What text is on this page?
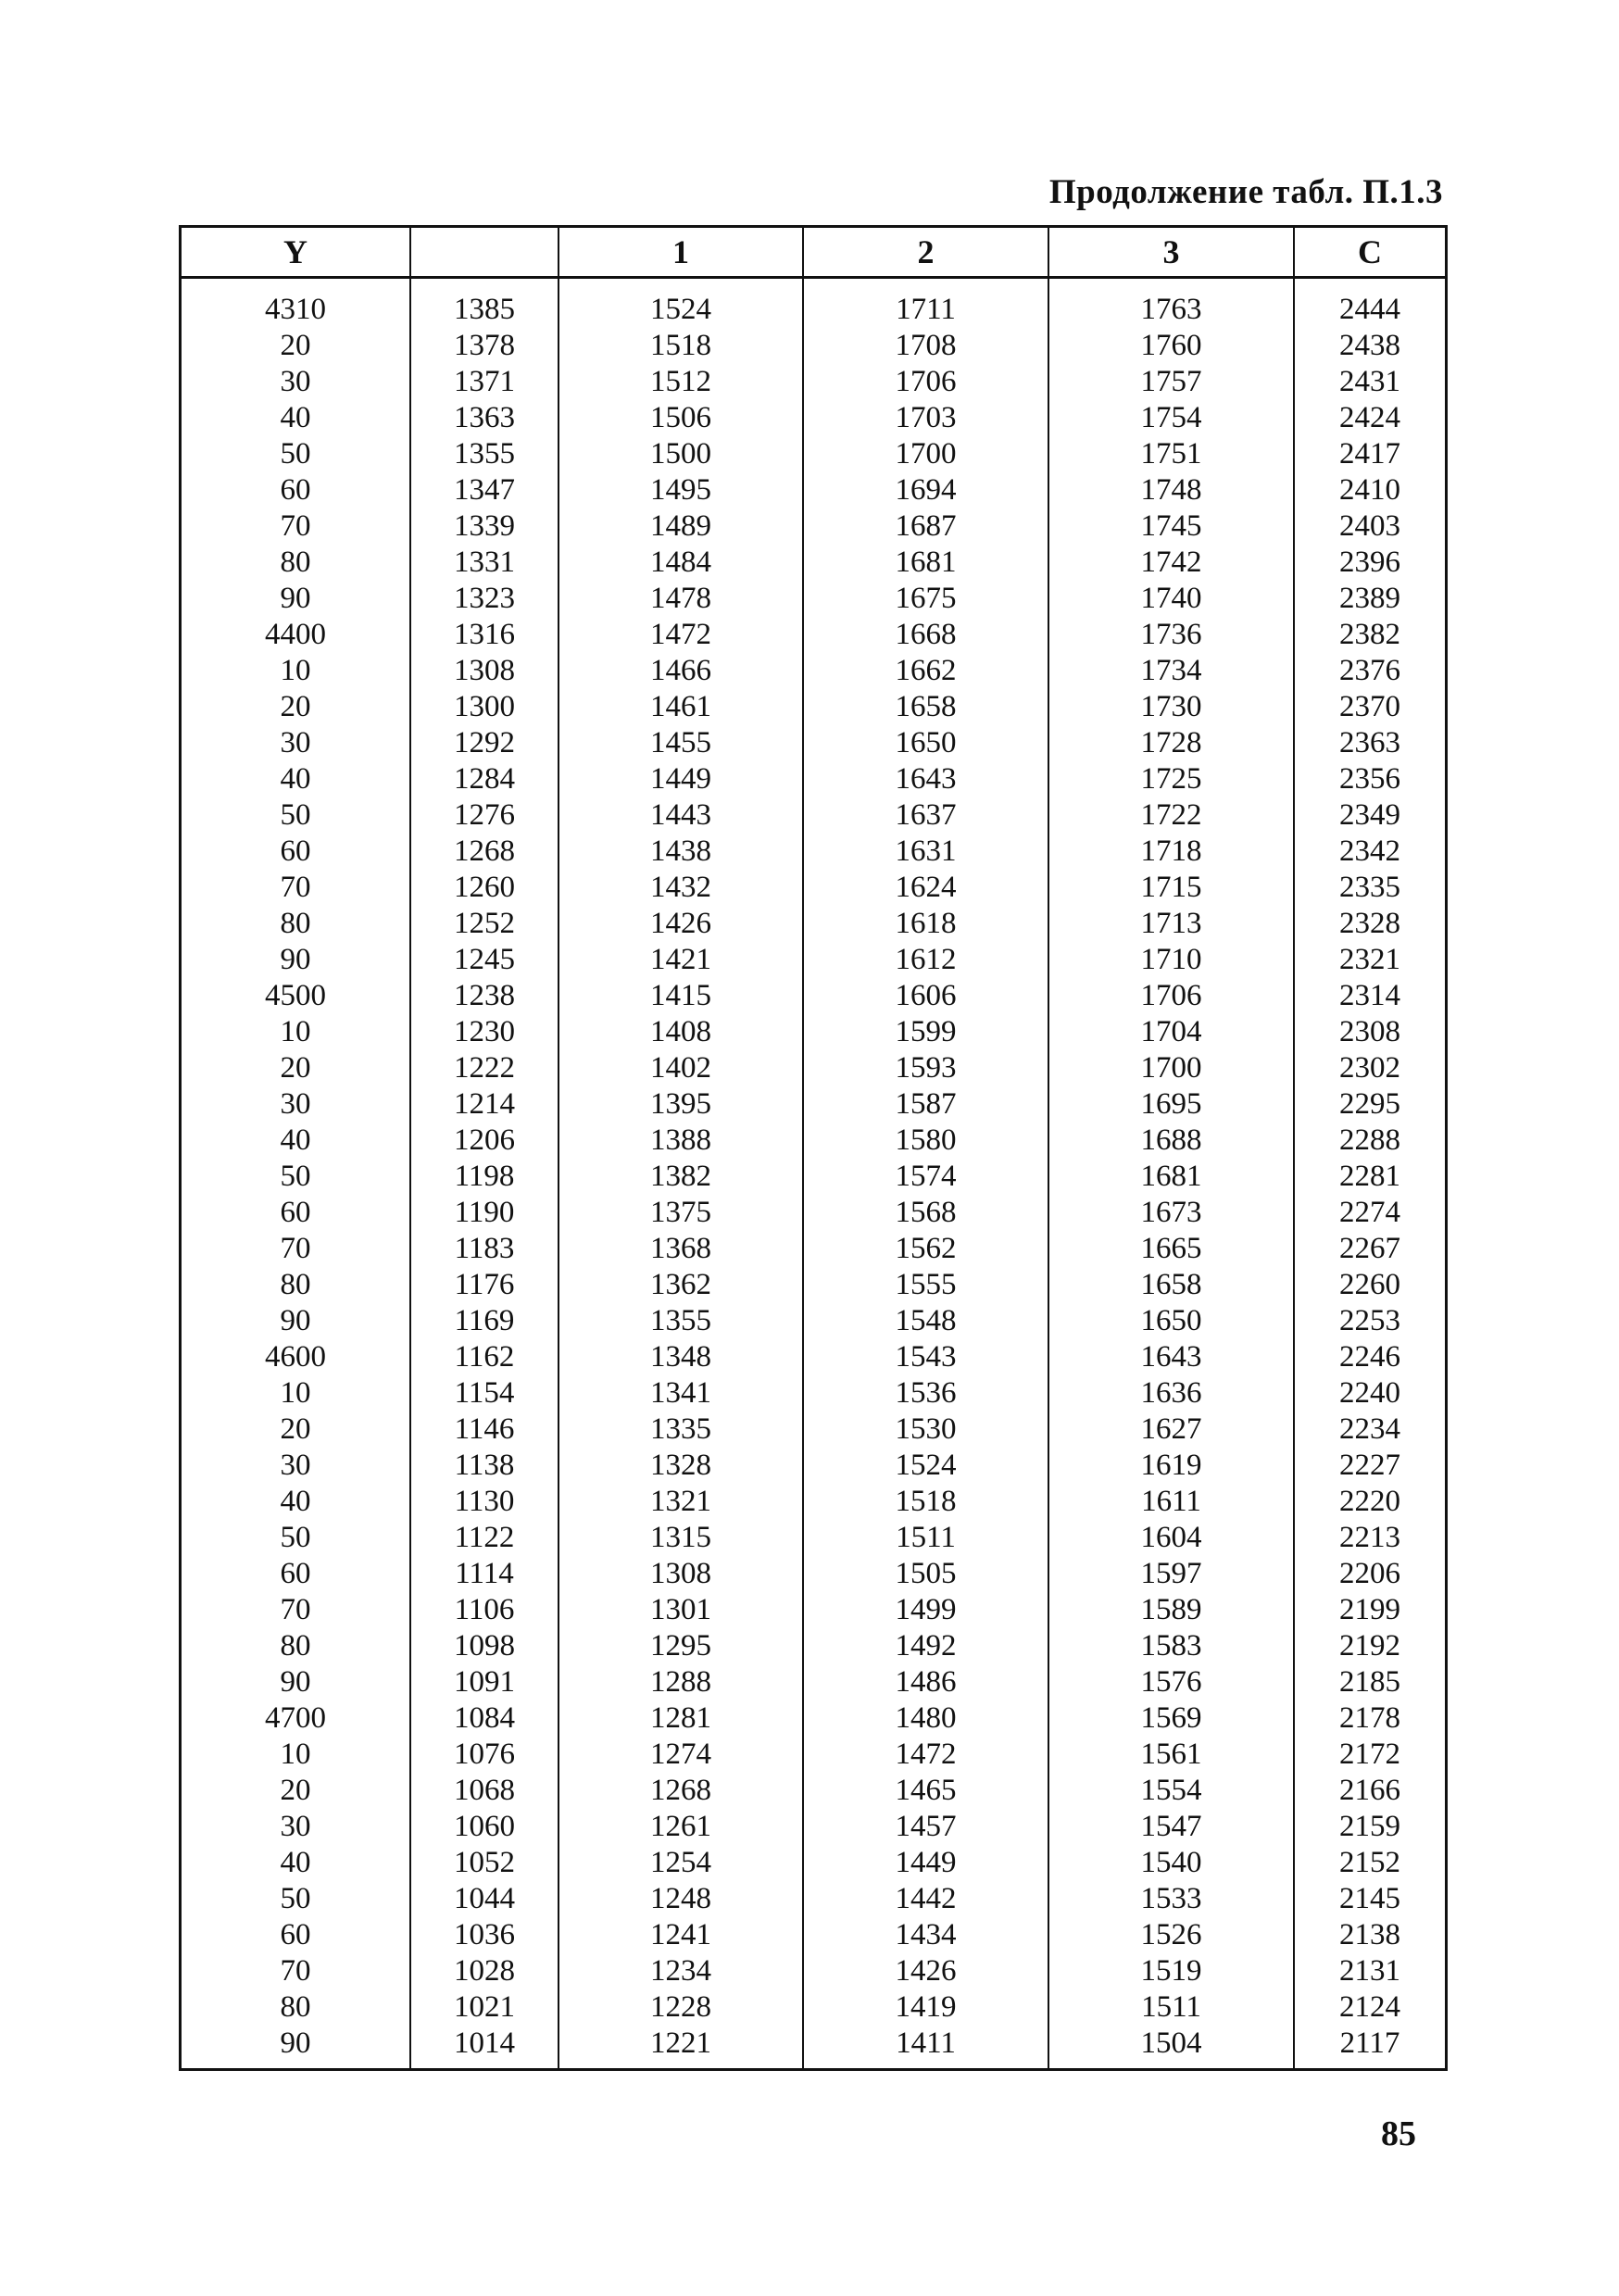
Продолжение табл. П.1.3
Y		1	2	3	C
4310	1385	1524	1711	1763	2444
20	1378	1518	1708	1760	2438
30	1371	1512	1706	1757	2431
40	1363	1506	1703	1754	2424
50	1355	1500	1700	1751	2417
60	1347	1495	1694	1748	2410
70	1339	1489	1687	1745	2403
80	1331	1484	1681	1742	2396
90	1323	1478	1675	1740	2389
4400	1316	1472	1668	1736	2382
10	1308	1466	1662	1734	2376
20	1300	1461	1658	1730	2370
30	1292	1455	1650	1728	2363
40	1284	1449	1643	1725	2356
50	1276	1443	1637	1722	2349
60	1268	1438	1631	1718	2342
70	1260	1432	1624	1715	2335
80	1252	1426	1618	1713	2328
90	1245	1421	1612	1710	2321
4500	1238	1415	1606	1706	2314
10	1230	1408	1599	1704	2308
20	1222	1402	1593	1700	2302
30	1214	1395	1587	1695	2295
40	1206	1388	1580	1688	2288
50	1198	1382	1574	1681	2281
60	1190	1375	1568	1673	2274
70	1183	1368	1562	1665	2267
80	1176	1362	1555	1658	2260
90	1169	1355	1548	1650	2253
4600	1162	1348	1543	1643	2246
10	1154	1341	1536	1636	2240
20	1146	1335	1530	1627	2234
30	1138	1328	1524	1619	2227
40	1130	1321	1518	1611	2220
50	1122	1315	1511	1604	2213
60	1114	1308	1505	1597	2206
70	1106	1301	1499	1589	2199
80	1098	1295	1492	1583	2192
90	1091	1288	1486	1576	2185
4700	1084	1281	1480	1569	2178
10	1076	1274	1472	1561	2172
20	1068	1268	1465	1554	2166
30	1060	1261	1457	1547	2159
40	1052	1254	1449	1540	2152
50	1044	1248	1442	1533	2145
60	1036	1241	1434	1526	2138
70	1028	1234	1426	1519	2131
80	1021	1228	1419	1511	2124
90	1014	1221	1411	1504	2117

85
